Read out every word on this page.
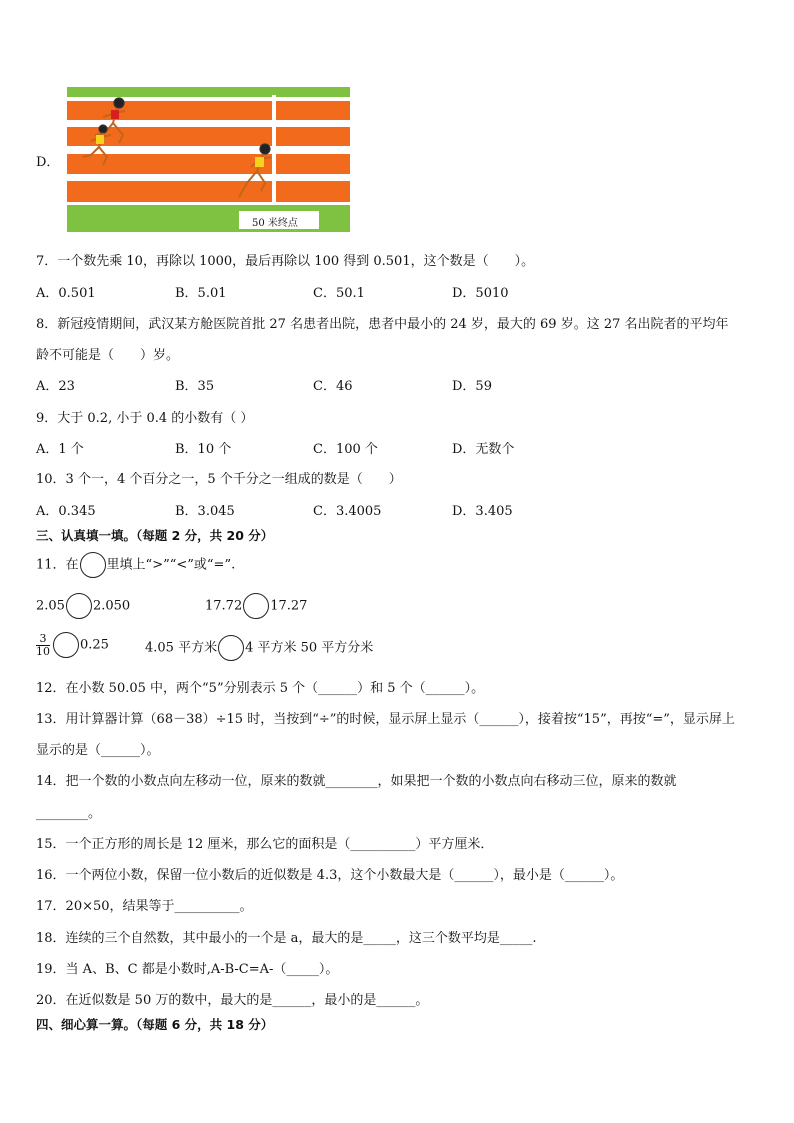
D．
50 米终点
7．一个数先乘 10，再除以 1000，最后再除以 100 得到 0.501，这个数是（　　）。
A．0.501	B．5.01	C．50.1	D．5010
8．新冠疫情期间，武汉某方舱医院首批 27 名患者出院，患者中最小的 24 岁，最大的 69 岁。这 27 名出院者的平均年
龄不可能是（　　）岁。
A．23	B．35	C．46	D．59
9．大于 0.2, 小于 0.4 的小数有（ ）
A．1 个	B．10 个	C．100 个	D．无数个
10．3 个一，4 个百分之一，5 个千分之一组成的数是（　　）
A．0.345	B．3.045	C．3.4005	D．3.405
三、认真填一填。（每题 2 分，共 20 分）
11．在 里填上“>”“<”或“=”.
2.05 2.050	17.72 17.27
$\frac{3}{10} 0.25$	4.05 平方米 4 平方米 50 平方分米
12．在小数 50.05 中，两个“5”分别表示 5 个（______）和 5 个（______）。
13．用计算器计算（68－38）÷15 时，当按到“÷”的时候，显示屏上显示（______），接着按“15”，再按“=”，显示屏上
显示的是（______）。
14．把一个数的小数点向左移动一位，原来的数就________，如果把一个数的小数点向右移动三位，原来的数就
________。
15．一个正方形的周长是 12 厘米，那么它的面积是（__________）平方厘米．
16．一个两位小数，保留一位小数后的近似数是 4.3，这个小数最大是（______），最小是（______）。
17．20×50，结果等于__________。
18．连续的三个自然数，其中最小的一个是 a，最大的是_____，这三个数平均是_____.
19．当 A、B、C 都是小数时,A-B-C=A-（_____）。
20．在近似数是 50 万的数中，最大的是______，最小的是______。
四、细心算一算。（每题 6 分，共 18 分）
